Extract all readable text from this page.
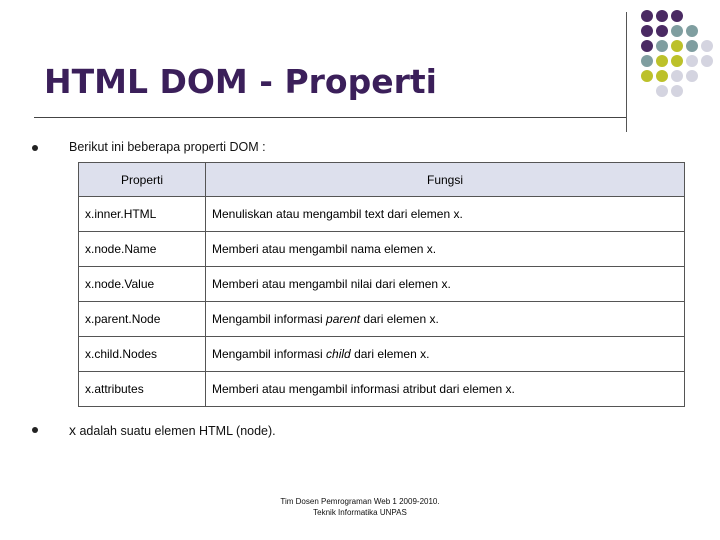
HTML DOM - Properti
Berikut ini beberapa properti DOM :
Properti	Fungsi
x.inner.HTML	Menuliskan atau mengambil text dari elemen x.
x.node.Name	Memberi atau mengambil nama elemen x.
x.node.Value	Memberi atau mengambil nilai dari elemen x.
x.parent.Node	Mengambil informasi parent dari elemen x.
x.child.Nodes	Mengambil informasi child dari elemen x.
x.attributes	Memberi atau mengambil informasi atribut dari elemen x.
x adalah suatu elemen HTML (node).
Tim Dosen Pemrograman Web 1 2009-2010.
Teknik Informatika UNPAS
